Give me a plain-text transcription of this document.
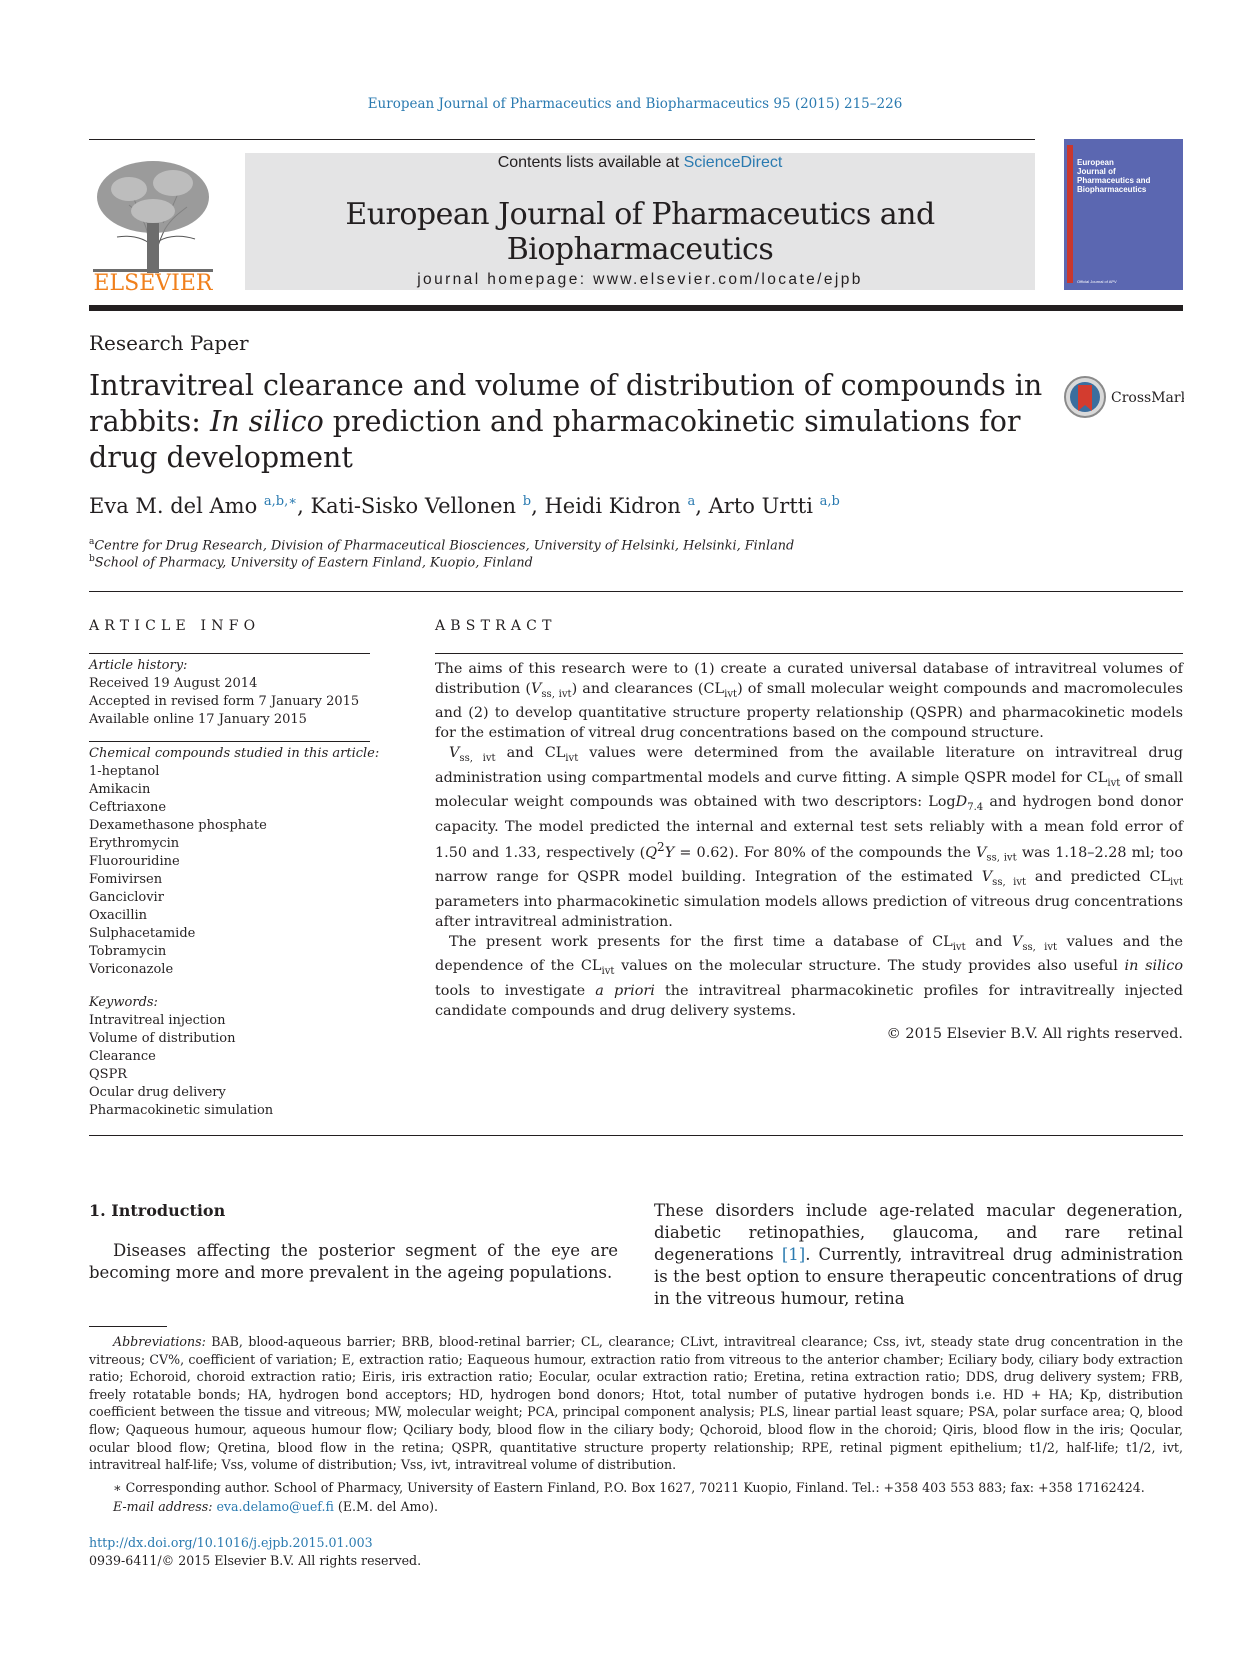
European Journal of Pharmaceutics and Biopharmaceutics 95 (2015) 215–226
ELSEVIER
Contents lists available at ScienceDirect
European Journal of Pharmaceutics and Biopharmaceutics
journal homepage: www.elsevier.com/locate/ejpb
European
Journal of
Pharmaceutics and
Biopharmaceutics
Official Journal of APV
Research Paper
Intravitreal clearance and volume of distribution of compounds in rabbits: In silico prediction and pharmacokinetic simulations for drug development
CrossMark
Eva M. del Amo $^{a,b,∗}$, Kati-Sisko Vellonen $^b$, Heidi Kidron $^a$, Arto Urtti $^{a,b}$
$^a$Centre for Drug Research, Division of Pharmaceutical Biosciences, University of Helsinki, Helsinki, Finland
$^b$School of Pharmacy, University of Eastern Finland, Kuopio, Finland
ARTICLE INFO
Article history:
Received 19 August 2014
Accepted in revised form 7 January 2015
Available online 17 January 2015
Chemical compounds studied in this article:
1-heptanol
Amikacin
Ceftriaxone
Dexamethasone phosphate
Erythromycin
Fluorouridine
Fomivirsen
Ganciclovir
Oxacillin
Sulphacetamide
Tobramycin
Voriconazole
Keywords:
Intravitreal injection
Volume of distribution
Clearance
QSPR
Ocular drug delivery
Pharmacokinetic simulation
ABSTRACT

The aims of this research were to (1) create a curated universal database of intravitreal volumes of distribution $(V_{ss, ivt})$ and clearances $(CL_{ivt})$ of small molecular weight compounds and macromolecules and (2) to develop quantitative structure property relationship (QSPR) and pharmacokinetic models for the estimation of vitreal drug concentrations based on the compound structure.

$V_{ss, ivt}$ and $CL_{ivt}$ values were determined from the available literature on intravitreal drug administration using compartmental models and curve fitting. A simple QSPR model for $CL_{ivt}$ of small molecular weight compounds was obtained with two descriptors: LogD$_{7.4}$ and hydrogen bond donor capacity. The model predicted the internal and external test sets reliably with a mean fold error of 1.50 and 1.33, respectively $(Q^2Y = 0.62)$. For 80% of the compounds the $V_{ss, ivt}$ was 1.18–2.28 ml; too narrow range for QSPR model building. Integration of the estimated $V_{ss, ivt}$ and predicted $CL_{ivt}$ parameters into pharmacokinetic simulation models allows prediction of vitreous drug concentrations after intravitreal administration.

The present work presents for the first time a database of $CL_{ivt}$ and $V_{ss, ivt}$ values and the dependence of the $CL_{ivt}$ values on the molecular structure. The study provides also useful in silico tools to investigate a priori the intravitreal pharmacokinetic profiles for intravitreally injected candidate compounds and drug delivery systems.

© 2015 Elsevier B.V. All rights reserved.
1. Introduction
Diseases affecting the posterior segment of the eye are becoming more and more prevalent in the ageing populations.
These disorders include age-related macular degeneration, diabetic retinopathies, glaucoma, and rare retinal degenerations [1]. Currently, intravitreal drug administration is the best option to ensure therapeutic concentrations of drug in the vitreous humour, retina
Abbreviations: BAB, blood-aqueous barrier; BRB, blood-retinal barrier; CL, clearance; CLivt, intravitreal clearance; Css, ivt, steady state drug concentration in the vitreous; CV%, coefficient of variation; E, extraction ratio; Eaqueous humour, extraction ratio from vitreous to the anterior chamber; Eciliary body, ciliary body extraction ratio; Echoroid, choroid extraction ratio; Eiris, iris extraction ratio; Eocular, ocular extraction ratio; Eretina, retina extraction ratio; DDS, drug delivery system; FRB, freely rotatable bonds; HA, hydrogen bond acceptors; HD, hydrogen bond donors; Htot, total number of putative hydrogen bonds i.e. HD + HA; Kp, distribution coefficient between the tissue and vitreous; MW, molecular weight; PCA, principal component analysis; PLS, linear partial least square; PSA, polar surface area; Q, blood flow; Qaqueous humour, aqueous humour flow; Qciliary body, blood flow in the ciliary body; Qchoroid, blood flow in the choroid; Qiris, blood flow in the iris; Qocular, ocular blood flow; Qretina, blood flow in the retina; QSPR, quantitative structure property relationship; RPE, retinal pigment epithelium; t1/2, half-life; t1/2, ivt, intravitreal half-life; Vss, volume of distribution; Vss, ivt, intravitreal volume of distribution.
∗ Corresponding author. School of Pharmacy, University of Eastern Finland, P.O. Box 1627, 70211 Kuopio, Finland. Tel.: +358 403 553 883; fax: +358 17162424.
E-mail address: eva.delamo@uef.fi (E.M. del Amo).
http://dx.doi.org/10.1016/j.ejpb.2015.01.003
0939-6411/© 2015 Elsevier B.V. All rights reserved.
